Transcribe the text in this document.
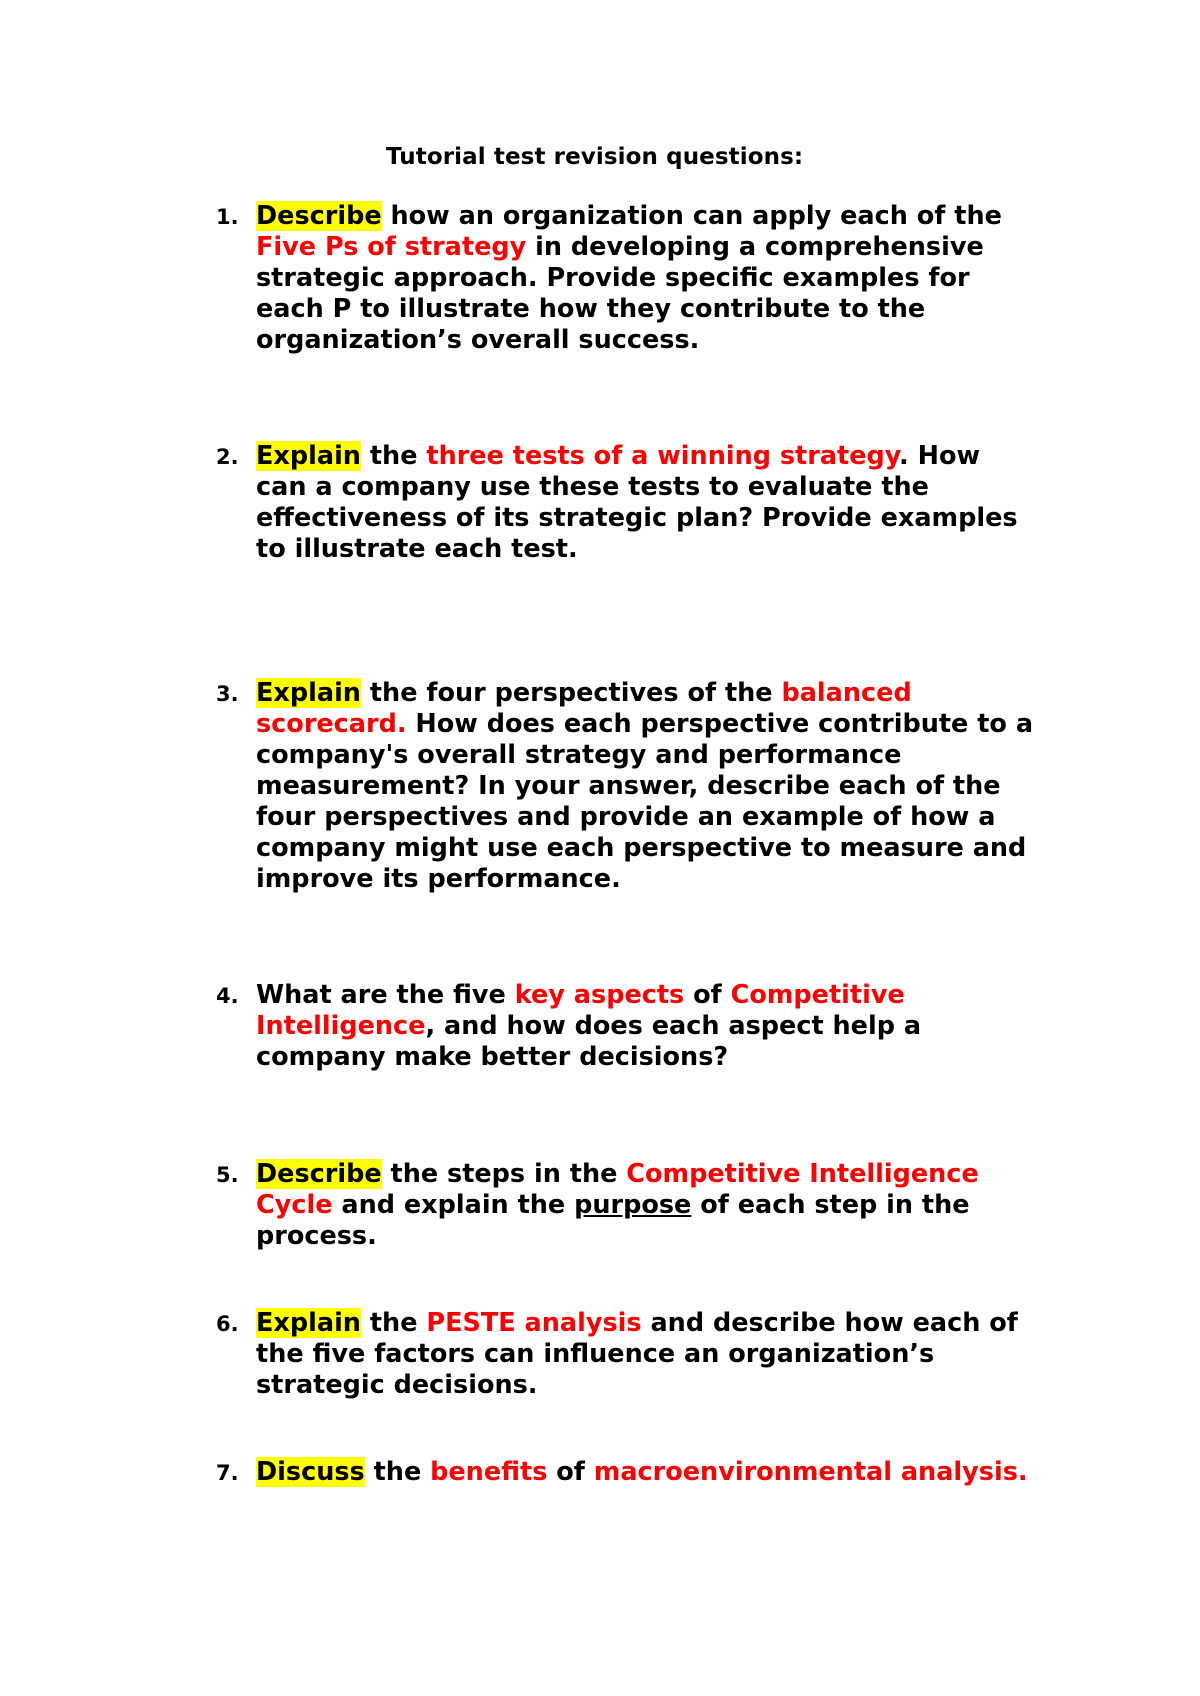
Tutorial test revision questions:
1. Describe how an organization can apply each of the
Five Ps of strategy in developing a comprehensive
strategic approach. Provide specific examples for
each P to illustrate how they contribute to the
organization’s overall success.
2. Explain the three tests of a winning strategy. How
can a company use these tests to evaluate the
effectiveness of its strategic plan? Provide examples
to illustrate each test.
3. Explain the four perspectives of the balanced
scorecard. How does each perspective contribute to a
company's overall strategy and performance
measurement? In your answer, describe each of the
four perspectives and provide an example of how a
company might use each perspective to measure and
improve its performance.
4. What are the five key aspects of Competitive
Intelligence, and how does each aspect help a
company make better decisions?
5. Describe the steps in the Competitive Intelligence
Cycle and explain the purpose of each step in the
process.
6. Explain the PESTE analysis and describe how each of
the five factors can influence an organization’s
strategic decisions.
7. Discuss the benefits of macroenvironmental analysis.
